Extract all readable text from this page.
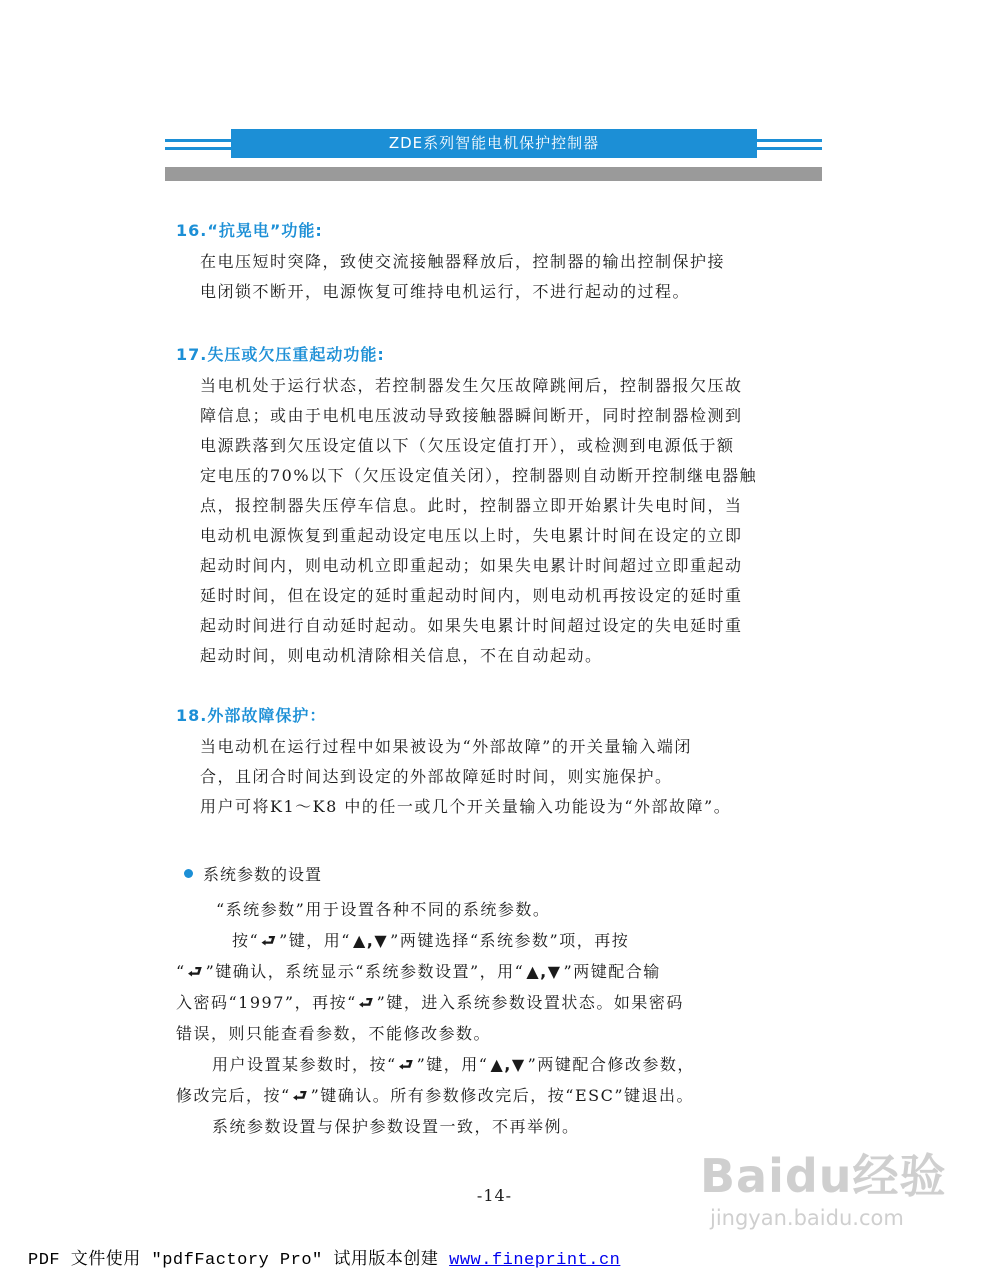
ZDE系列智能电机保护控制器

16.“抗晃电”功能:

在电压短时突降，致使交流接触器释放后，控制器的输出控制保护接

电闭锁不断开，电源恢复可维持电机运行，不进行起动的过程。

17.失压或欠压重起动功能:

当电机处于运行状态，若控制器发生欠压故障跳闸后，控制器报欠压故

障信息；或由于电机电压波动导致接触器瞬间断开，同时控制器检测到

电源跌落到欠压设定值以下（欠压设定值打开），或检测到电源低于额

定电压的70%以下（欠压设定值关闭），控制器则自动断开控制继电器触

点，报控制器失压停车信息。此时，控制器立即开始累计失电时间，当

电动机电源恢复到重起动设定电压以上时，失电累计时间在设定的立即

起动时间内，则电动机立即重起动；如果失电累计时间超过立即重起动

延时时间，但在设定的延时重起动时间内，则电动机再按设定的延时重

起动时间进行自动延时起动。如果失电累计时间超过设定的失电延时重

起动时间，则电动机清除相关信息，不在自动起动。

18.外部故障保护：

当电动机在运行过程中如果被设为“外部故障”的开关量输入端闭

合，且闭合时间达到设定的外部故障延时时间，则实施保护。

用户可将K1～K8 中的任一或几个开关量输入功能设为“外部故障”。

系统参数的设置

“系统参数”用于设置各种不同的系统参数。

按“ ⮐ ”键，用“ ▲,▼ ”两键选择“系统参数”项，再按

“ ⮐ ”键确认，系统显示“系统参数设置”，用“ ▲,▼ ”两键配合输

入密码“1997”，再按“ ⮐ ”键，进入系统参数设置状态。如果密码

错误，则只能查看参数，不能修改参数。

用户设置某参数时，按“ ⮐ ”键，用“ ▲,▼ ”两键配合修改参数，

修改完后，按“ ⮐ ”键确认。所有参数修改完后，按“ESC”键退出。

系统参数设置与保护参数设置一致，不再举例。

-14-	Baidu经验
jingyan.baidu.com
PDF 文件使用 "pdfFactory Pro" 试用版本创建 www.fineprint.cn
